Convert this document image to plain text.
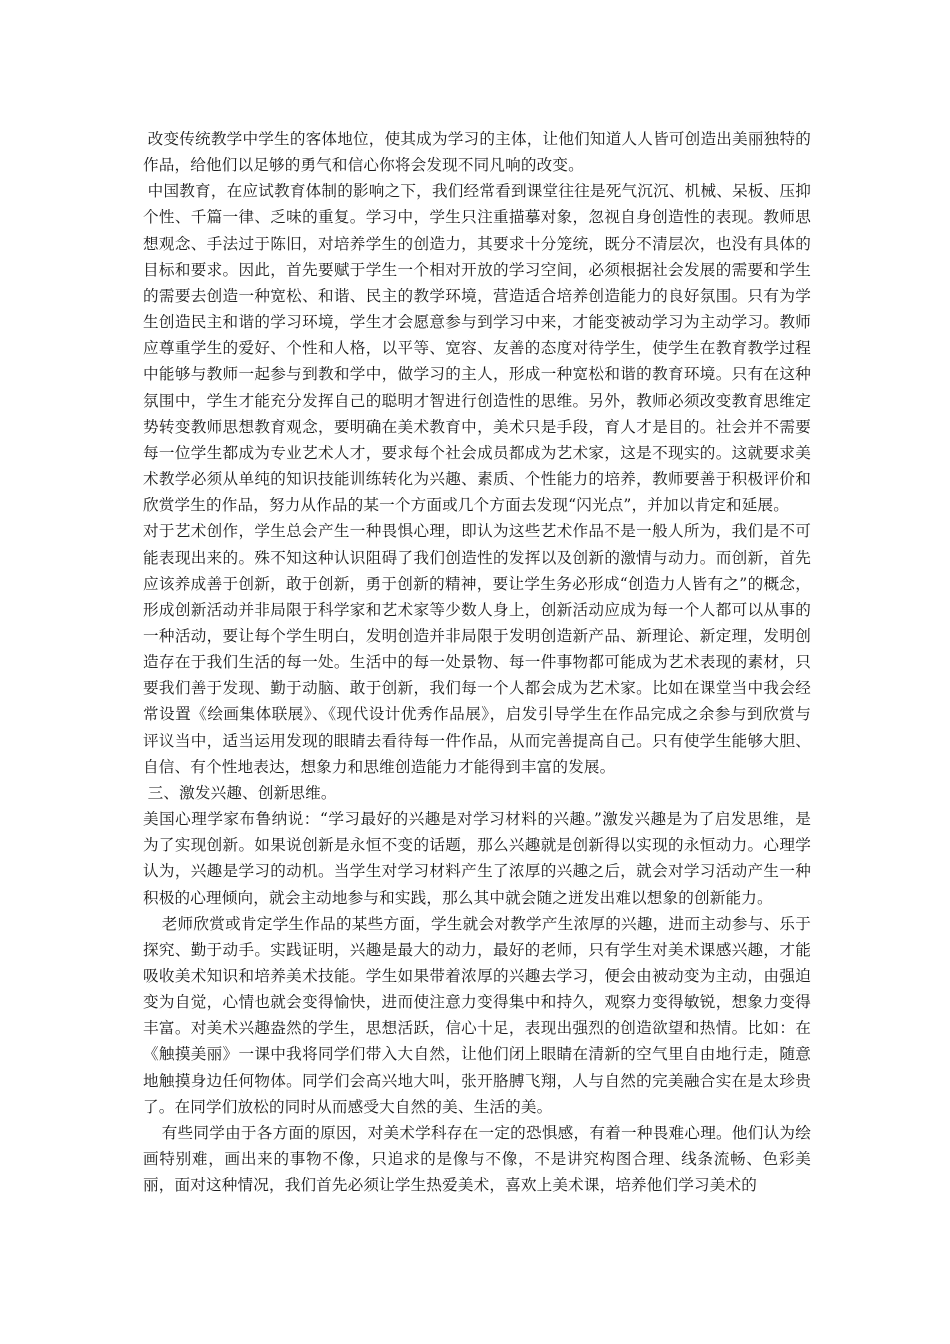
改变传统教学中学生的客体地位，使其成为学习的主体，让他们知道人人皆可创造出美丽独特的作品，给他们以足够的勇气和信心你将会发现不同凡响的改变。

中国教育，在应试教育体制的影响之下，我们经常看到课堂往往是死气沉沉、机械、呆板、压抑个性、千篇一律、乏味的重复。学习中，学生只注重描摹对象，忽视自身创造性的表现。教师思想观念、手法过于陈旧，对培养学生的创造力，其要求十分笼统，既分不清层次，也没有具体的目标和要求。因此，首先要赋于学生一个相对开放的学习空间，必须根据社会发展的需要和学生的需要去创造一种宽松、和谐、民主的教学环境，营造适合培养创造能力的良好氛围。只有为学生创造民主和谐的学习环境，学生才会愿意参与到学习中来，才能变被动学习为主动学习。教师应尊重学生的爱好、个性和人格，以平等、宽容、友善的态度对待学生，使学生在教育教学过程中能够与教师一起参与到教和学中，做学习的主人，形成一种宽松和谐的教育环境。只有在这种氛围中，学生才能充分发挥自己的聪明才智进行创造性的思维。另外，教师必须改变教育思维定势转变教师思想教育观念，要明确在美术教育中，美术只是手段，育人才是目的。社会并不需要每一位学生都成为专业艺术人才，要求每个社会成员都成为艺术家，这是不现实的。这就要求美术教学必须从单纯的知识技能训练转化为兴趣、素质、个性能力的培养，教师要善于积极评价和欣赏学生的作品，努力从作品的某一个方面或几个方面去发现“闪光点”，并加以肯定和延展。

对于艺术创作，学生总会产生一种畏惧心理，即认为这些艺术作品不是一般人所为，我们是不可能表现出来的。殊不知这种认识阻碍了我们创造性的发挥以及创新的激情与动力。而创新，首先应该养成善于创新，敢于创新，勇于创新的精神，要让学生务必形成“创造力人皆有之”的概念，形成创新活动并非局限于科学家和艺术家等少数人身上，创新活动应成为每一个人都可以从事的一种活动，要让每个学生明白，发明创造并非局限于发明创造新产品、新理论、新定理，发明创造存在于我们生活的每一处。生活中的每一处景物、每一件事物都可能成为艺术表现的素材，只要我们善于发现、勤于动脑、敢于创新，我们每一个人都会成为艺术家。比如在课堂当中我会经常设置《绘画集体联展》、《现代设计优秀作品展》，启发引导学生在作品完成之余参与到欣赏与评议当中，适当运用发现的眼睛去看待每一件作品，从而完善提高自己。只有使学生能够大胆、自信、有个性地表达，想象力和思维创造能力才能得到丰富的发展。

三、激发兴趣、创新思维。

美国心理学家布鲁纳说：“学习最好的兴趣是对学习材料的兴趣。”激发兴趣是为了启发思维，是为了实现创新。如果说创新是永恒不变的话题，那么兴趣就是创新得以实现的永恒动力。心理学认为，兴趣是学习的动机。当学生对学习材料产生了浓厚的兴趣之后，就会对学习活动产生一种积极的心理倾向，就会主动地参与和实践，那么其中就会随之迸发出难以想象的创新能力。

老师欣赏或肯定学生作品的某些方面，学生就会对教学产生浓厚的兴趣，进而主动参与、乐于探究、勤于动手。实践证明，兴趣是最大的动力，最好的老师，只有学生对美术课感兴趣，才能吸收美术知识和培养美术技能。学生如果带着浓厚的兴趣去学习，便会由被动变为主动，由强迫变为自觉，心情也就会变得愉快，进而使注意力变得集中和持久，观察力变得敏锐，想象力变得丰富。对美术兴趣盎然的学生，思想活跃，信心十足，表现出强烈的创造欲望和热情。比如：在《触摸美丽》一课中我将同学们带入大自然，让他们闭上眼睛在清新的空气里自由地行走，随意地触摸身边任何物体。同学们会高兴地大叫，张开胳膊飞翔，人与自然的完美融合实在是太珍贵了。在同学们放松的同时从而感受大自然的美、生活的美。

有些同学由于各方面的原因，对美术学科存在一定的恐惧感，有着一种畏难心理。他们认为绘画特别难，画出来的事物不像，只追求的是像与不像，不是讲究构图合理、线条流畅、色彩美丽，面对这种情况，我们首先必须让学生热爱美术，喜欢上美术课，培养他们学习美术的
